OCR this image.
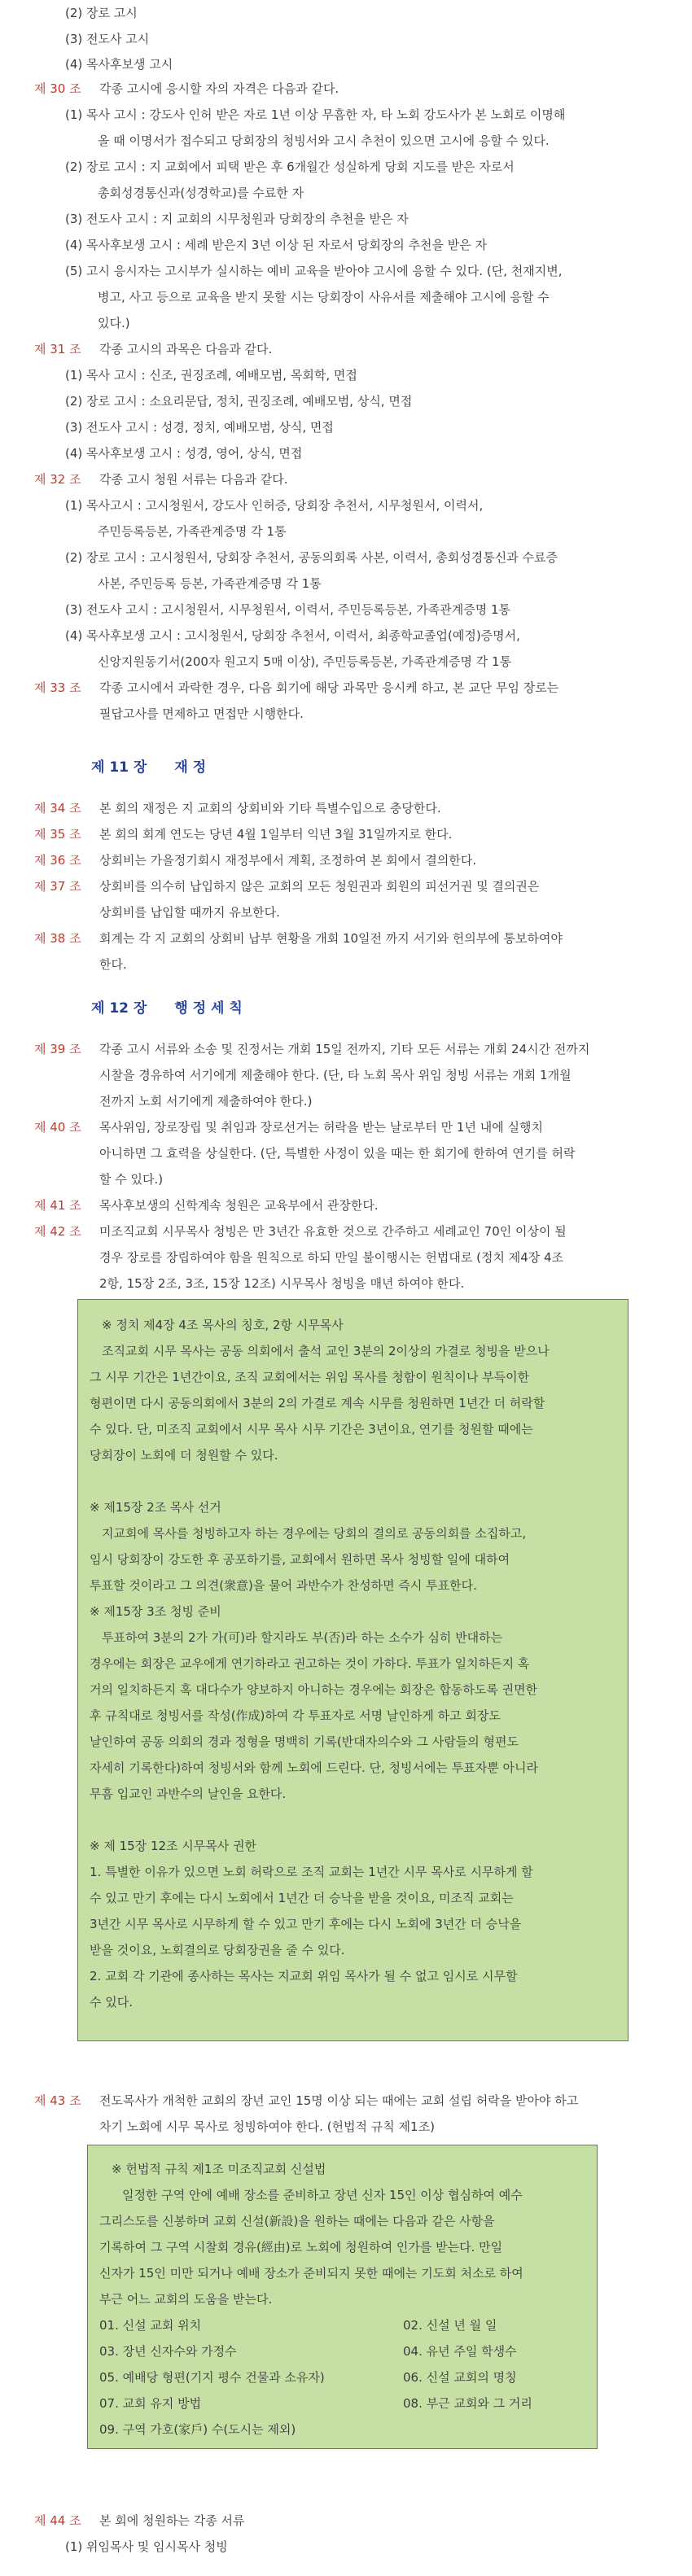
(2) 장로 고시
(3) 전도사 고시
(4) 목사후보생 고시
제 30 조 각종 고시에 응시할 자의 자격은 다음과 같다.
(1) 목사 고시 : 강도사 인허 받은 자로 1년 이상 무흠한 자, 타 노회 강도사가 본 노회로 이명해
올 때 이명서가 접수되고 당회장의 청빙서와 고시 추천이 있으면 고시에 응할 수 있다.
(2) 장로 고시 : 지 교회에서 피택 받은 후 6개월간 성실하게 당회 지도를 받은 자로서
총회성경통신과(성경학교)를 수료한 자
(3) 전도사 고시 : 지 교회의 시무청원과 당회장의 추천을 받은 자
(4) 목사후보생 고시 : 세례 받은지 3년 이상 된 자로서 당회장의 추천을 받은 자
(5) 고시 응시자는 고시부가 실시하는 예비 교육을 받아야 고시에 응할 수 있다. (단, 천재지변,
병고, 사고 등으로 교육을 받지 못할 시는 당회장이 사유서를 제출해야 고시에 응할 수
있다.)
제 31 조 각종 고시의 과목은 다음과 같다.
(1) 목사 고시 : 신조, 권징조례, 예배모범, 목회학, 면접
(2) 장로 고시 : 소요리문답, 정치, 권징조례, 예배모범, 상식, 면접
(3) 전도사 고시 : 성경, 정치, 예배모범, 상식, 면접
(4) 목사후보생 고시 : 성경, 영어, 상식, 면접
제 32 조 각종 고시 청원 서류는 다음과 같다.
(1) 목사고시 : 고시청원서, 강도사 인허증, 당회장 추천서, 시무청원서, 이력서,
주민등록등본, 가족관계증명 각 1통
(2) 장로 고시 : 고시청원서, 당회장 추천서, 공동의회록 사본, 이력서, 총회성경통신과 수료증
사본, 주민등록 등본, 가족관계증명 각 1통
(3) 전도사 고시 : 고시청원서, 시무청원서, 이력서, 주민등록등본, 가족관계증명 1통
(4) 목사후보생 고시 : 고시청원서, 당회장 추천서, 이력서, 최종학교졸업(예정)증명서,
신앙지원동기서(200자 원고지 5매 이상), 주민등록등본, 가족관계증명 각 1통
제 33 조 각종 고시에서 과락한 경우, 다음 회기에 해당 과목만 응시케 하고, 본 교단 무임 장로는
필답고사를 면제하고 면접만 시행한다.
제 34 조 본 회의 재정은 지 교회의 상회비와 기타 특별수입으로 충당한다.
제 35 조 본 회의 회계 연도는 당년 4월 1일부터 익년 3월 31일까지로 한다.
제 36 조 상회비는 가을정기회시 재정부에서 계획, 조정하여 본 회에서 결의한다.
제 37 조 상회비를 의수히 납입하지 않은 교회의 모든 청원권과 회원의 피선거권 및 결의권은
상회비를 납입할 때까지 유보한다.
제 38 조 회계는 각 지 교회의 상회비 납부 현황을 개회 10일전 까지 서기와 헌의부에 통보하여야
한다.
제 39 조 각종 고시 서류와 소송 및 진정서는 개회 15일 전까지, 기타 모든 서류는 개회 24시간 전까지
시찰을 경유하여 서기에게 제출해야 한다. (단, 타 노회 목사 위임 청빙 서류는 개회 1개월
전까지 노회 서기에게 제출하여야 한다.)
제 40 조 목사위임, 장로장립 및 취임과 장로선거는 허락을 받는 날로부터 만 1년 내에 실행치
아니하면 그 효력을 상실한다. (단, 특별한 사정이 있을 때는 한 회기에 한하여 연기를 허락
할 수 있다.)
제 41 조 목사후보생의 신학계속 청원은 교육부에서 관장한다.
제 42 조 미조직교회 시무목사 청빙은 만 3년간 유효한 것으로 간주하고 세례교인 70인 이상이 될
경우 장로를 장립하여야 함을 원칙으로 하되 만일 불이행시는 헌법대로 (정치 제4장 4조
2항, 15장 2조, 3조, 15장 12조) 시무목사 청빙을 매년 하여야 한다.
제 43 조 전도목사가 개척한 교회의 장년 교인 15명 이상 되는 때에는 교회 설립 허락을 받아야 하고
차기 노회에 시무 목사로 청빙하여야 한다. (헌법적 규칙 제1조)
제 44 조 본 회에 청원하는 각종 서류
(1) 위임목사 및 임시목사 청빙
※ 정치 제4장 4조 목사의 칭호, 2항 시무목사
조직교회 시무 목사는 공동 의회에서 출석 교인 3분의 2이상의 가결로 청빙을 받으나
그 시무 기간은 1년간이요, 조직 교회에서는 위임 목사를 청함이 원칙이나 부득이한
형편이면 다시 공동의회에서 3분의 2의 가결로 계속 시무를 청원하면 1년간 더 허락할
수 있다. 단, 미조직 교회에서 시무 목사 시무 기간은 3년이요, 연기를 청원할 때에는
당회장이 노회에 더 청원할 수 있다.
※ 제15장 2조 목사 선거
지교회에 목사를 청빙하고자 하는 경우에는 당회의 결의로 공동의회를 소집하고,
임시 당회장이 강도한 후 공포하기를, 교회에서 원하면 목사 청빙할 일에 대하여
투표할 것이라고 그 의견(衆意)을 물어 과반수가 찬성하면 즉시 투표한다.
※ 제15장 3조 청빙 준비
투표하여 3분의 2가 가(可)라 할지라도 부(否)라 하는 소수가 심히 반대하는
경우에는 회장은 교우에게 연기하라고 권고하는 것이 가하다. 투표가 일치하든지 혹
거의 일치하든지 혹 대다수가 양보하지 아니하는 경우에는 회장은 합동하도록 권면한
후 규칙대로 청빙서를 작성(作成)하여 각 투표자로 서명 날인하게 하고 회장도
날인하여 공동 의회의 경과 정형을 명백히 기록(반대자의수와 그 사람들의 형편도
자세히 기록한다)하여 청빙서와 함께 노회에 드린다. 단, 청빙서에는 투표자뿐 아니라
무흠 입교인 과반수의 날인을 요한다.
※ 제 15장 12조 시무목사 권한
1. 특별한 이유가 있으면 노회 허락으로 조직 교회는 1년간 시무 목사로 시무하게 할
수 있고 만기 후에는 다시 노회에서 1년간 더 승낙을 받을 것이요, 미조직 교회는
3년간 시무 목사로 시무하게 할 수 있고 만기 후에는 다시 노회에 3년간 더 승낙을
받을 것이요, 노회결의로 당회장권을 줄 수 있다.
2. 교회 각 기관에 종사하는 목사는 지교회 위임 목사가 될 수 없고 임시로 시무할
수 있다.
※ 헌법적 규칙 제1조 미조직교회 신설법
일정한 구역 안에 예배 장소를 준비하고 장년 신자 15인 이상 협심하여 예수
그리스도를 신봉하며 교회 신설(新設)을 원하는 때에는 다음과 같은 사항을
기록하여 그 구역 시찰회 경유(經由)로 노회에 청원하여 인가를 받는다. 만일
신자가 15인 미만 되거나 예배 장소가 준비되지 못한 때에는 기도회 처소로 하여
부근 어느 교회의 도움을 받는다.
01. 신설 교회 위치	02. 신설 년 월 일
03. 장년 신자수와 가정수	04. 유년 주일 학생수
05. 예배당 형편(기지 평수 건물과 소유자)	06. 신설 교회의 명칭
07. 교회 유지 방법	08. 부근 교회와 그 거리
09. 구역 가호(家戶) 수(도시는 제외)
제 11 장 재 정
제 12 장 행 정 세 칙
